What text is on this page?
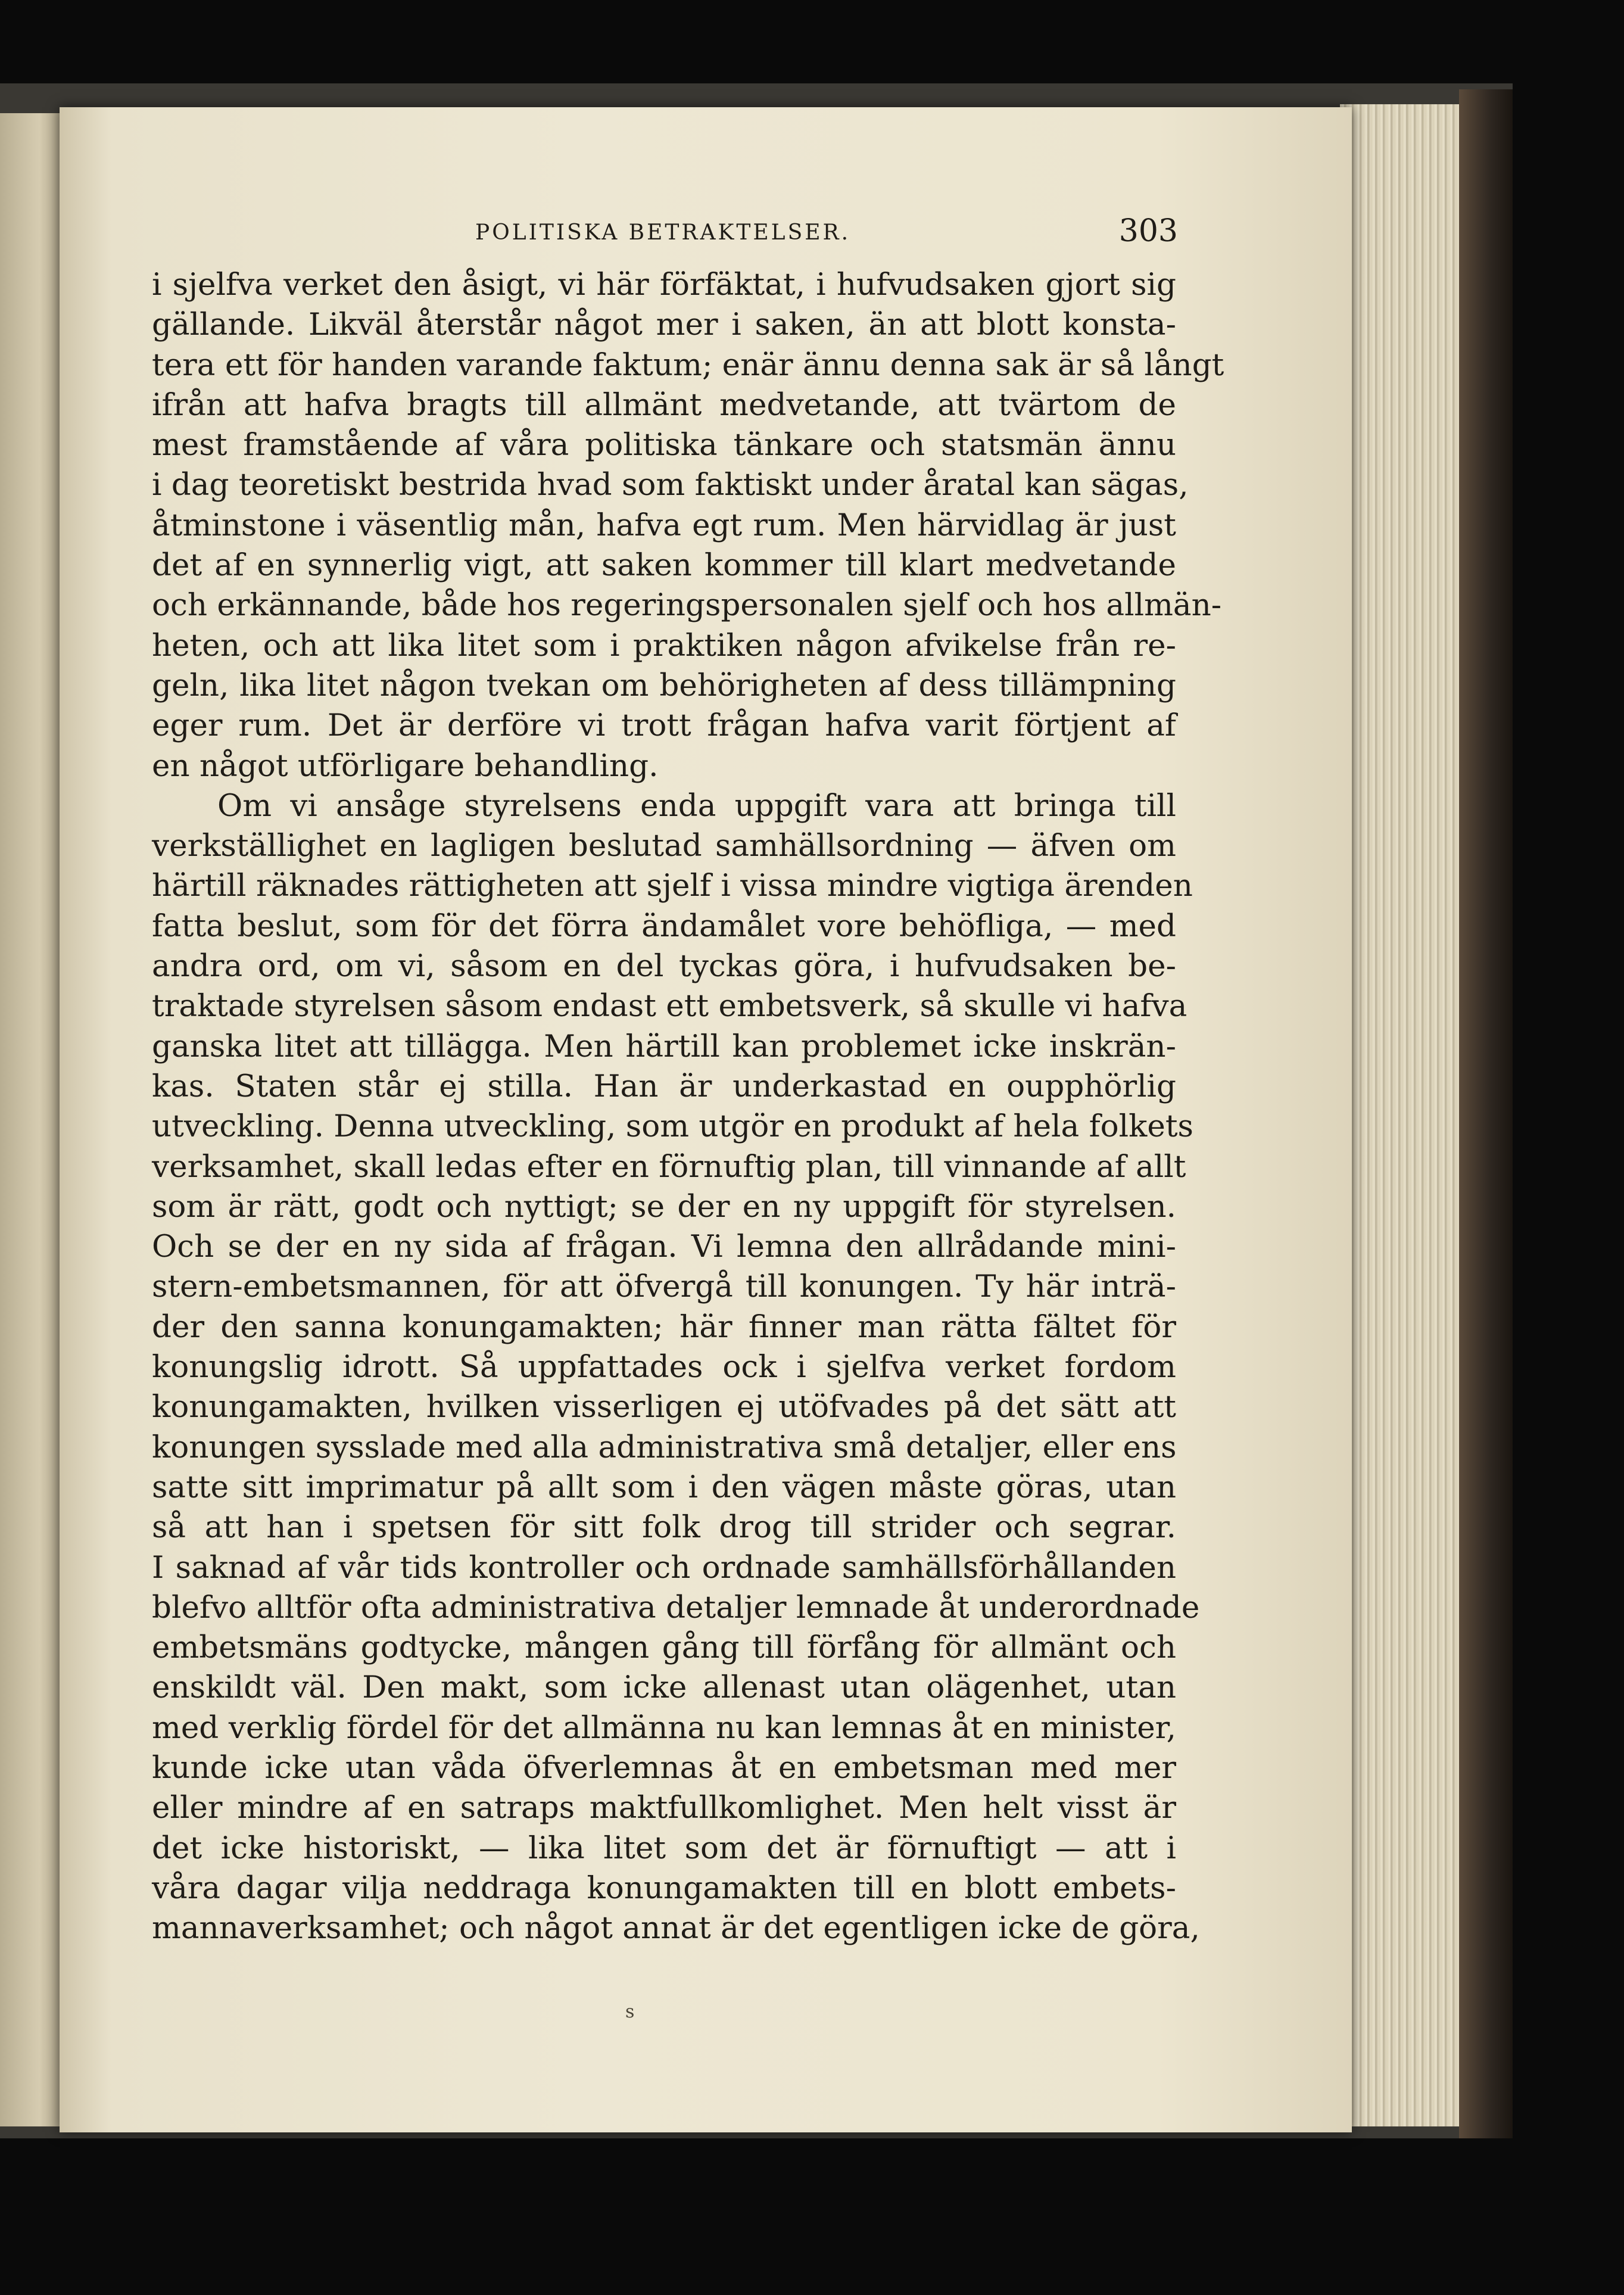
POLITISKA BETRAKTELSER.	303
i sjelfva verket den åsigt, vi här förfäktat, i hufvudsaken gjort sig
gällande. Likväl återstår något mer i saken, än att blott konsta-
tera ett för handen varande faktum; enär ännu denna sak är så långt
ifrån att hafva bragts till allmänt medvetande, att tvärtom de
mest framstående af våra politiska tänkare och statsmän ännu
i dag teoretiskt bestrida hvad som faktiskt under åratal kan sägas,
åtminstone i väsentlig mån, hafva egt rum. Men härvidlag är just
det af en synnerlig vigt, att saken kommer till klart medvetande
och erkännande, både hos regeringspersonalen sjelf och hos allmän-
heten, och att lika litet som i praktiken någon afvikelse från re-
geln, lika litet någon tvekan om behörigheten af dess tillämpning
eger rum. Det är derföre vi trott frågan hafva varit förtjent af
en något utförligare behandling.
Om vi ansåge styrelsens enda uppgift vara att bringa till
verkställighet en lagligen beslutad samhällsordning — äfven om
härtill räknades rättigheten att sjelf i vissa mindre vigtiga ärenden
fatta beslut, som för det förra ändamålet vore behöfliga, — med
andra ord, om vi, såsom en del tyckas göra, i hufvudsaken be-
traktade styrelsen såsom endast ett embetsverk, så skulle vi hafva
ganska litet att tillägga. Men härtill kan problemet icke inskrän-
kas. Staten står ej stilla. Han är underkastad en oupphörlig
utveckling. Denna utveckling, som utgör en produkt af hela folkets
verksamhet, skall ledas efter en förnuftig plan, till vinnande af allt
som är rätt, godt och nyttigt; se der en ny uppgift för styrelsen.
Och se der en ny sida af frågan. Vi lemna den allrådande mini-
stern-embetsmannen, för att öfvergå till konungen. Ty här inträ-
der den sanna konungamakten; här finner man rätta fältet för
konungslig idrott. Så uppfattades ock i sjelfva verket fordom
konungamakten, hvilken visserligen ej utöfvades på det sätt att
konungen sysslade med alla administrativa små detaljer, eller ens
satte sitt imprimatur på allt som i den vägen måste göras, utan
så att han i spetsen för sitt folk drog till strider och segrar.
I saknad af vår tids kontroller och ordnade samhällsförhållanden
blefvo alltför ofta administrativa detaljer lemnade åt underordnade
embetsmäns godtycke, mången gång till förfång för allmänt och
enskildt väl. Den makt, som icke allenast utan olägenhet, utan
med verklig fördel för det allmänna nu kan lemnas åt en minister,
kunde icke utan våda öfverlemnas åt en embetsman med mer
eller mindre af en satraps maktfullkomlighet. Men helt visst är
det icke historiskt, — lika litet som det är förnuftigt — att i
våra dagar vilja neddraga konungamakten till en blott embets-
mannaverksamhet; och något annat är det egentligen icke de göra,
s
